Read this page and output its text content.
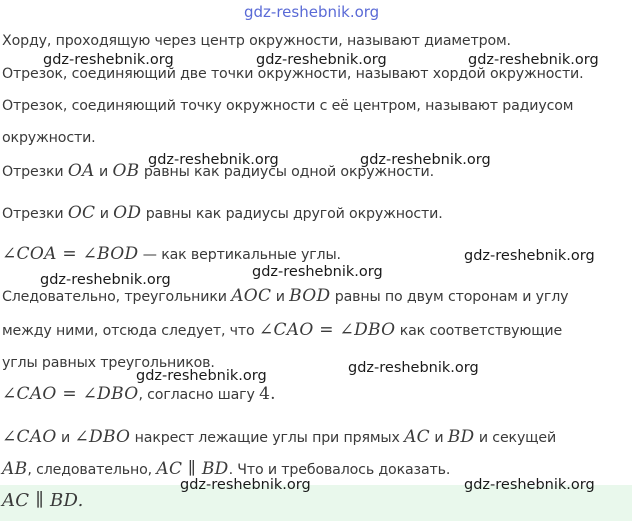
Хорду, проходящую через центр окружности, называют диаметром.
Отрезок, соединяющий две точки окружности, называют хордой окружности.
Отрезок, соединяющий точку окружности с её центром, называют радиусом
окружности.
Отрезки OA и OB равны как радиусы одной окружности.
Отрезки OC и OD равны как радиусы другой окружности.
∠COA = ∠BOD — как вертикальные углы.
Следовательно, треугольники AOC и BOD равны по двум сторонам и углу
между ними, отсюда следует, что ∠CAO = ∠DBO как соответствующие
углы равных треугольников.
∠CAO = ∠DBO, согласно шагу 4.
∠CAO и ∠DBO накрест лежащие углы при прямых AC и BD и секущей
AB, следовательно, AC ∥ BD. Что и требовалось доказать.
AC ∥ BD.
gdz-reshebnik.org
gdz-reshebnik.org	gdz-reshebnik.org	gdz-reshebnik.org
gdz-reshebnik.org	gdz-reshebnik.org
gdz-reshebnik.org
gdz-reshebnik.org
gdz-reshebnik.org
gdz-reshebnik.org
gdz-reshebnik.org
gdz-reshebnik.org	gdz-reshebnik.org
